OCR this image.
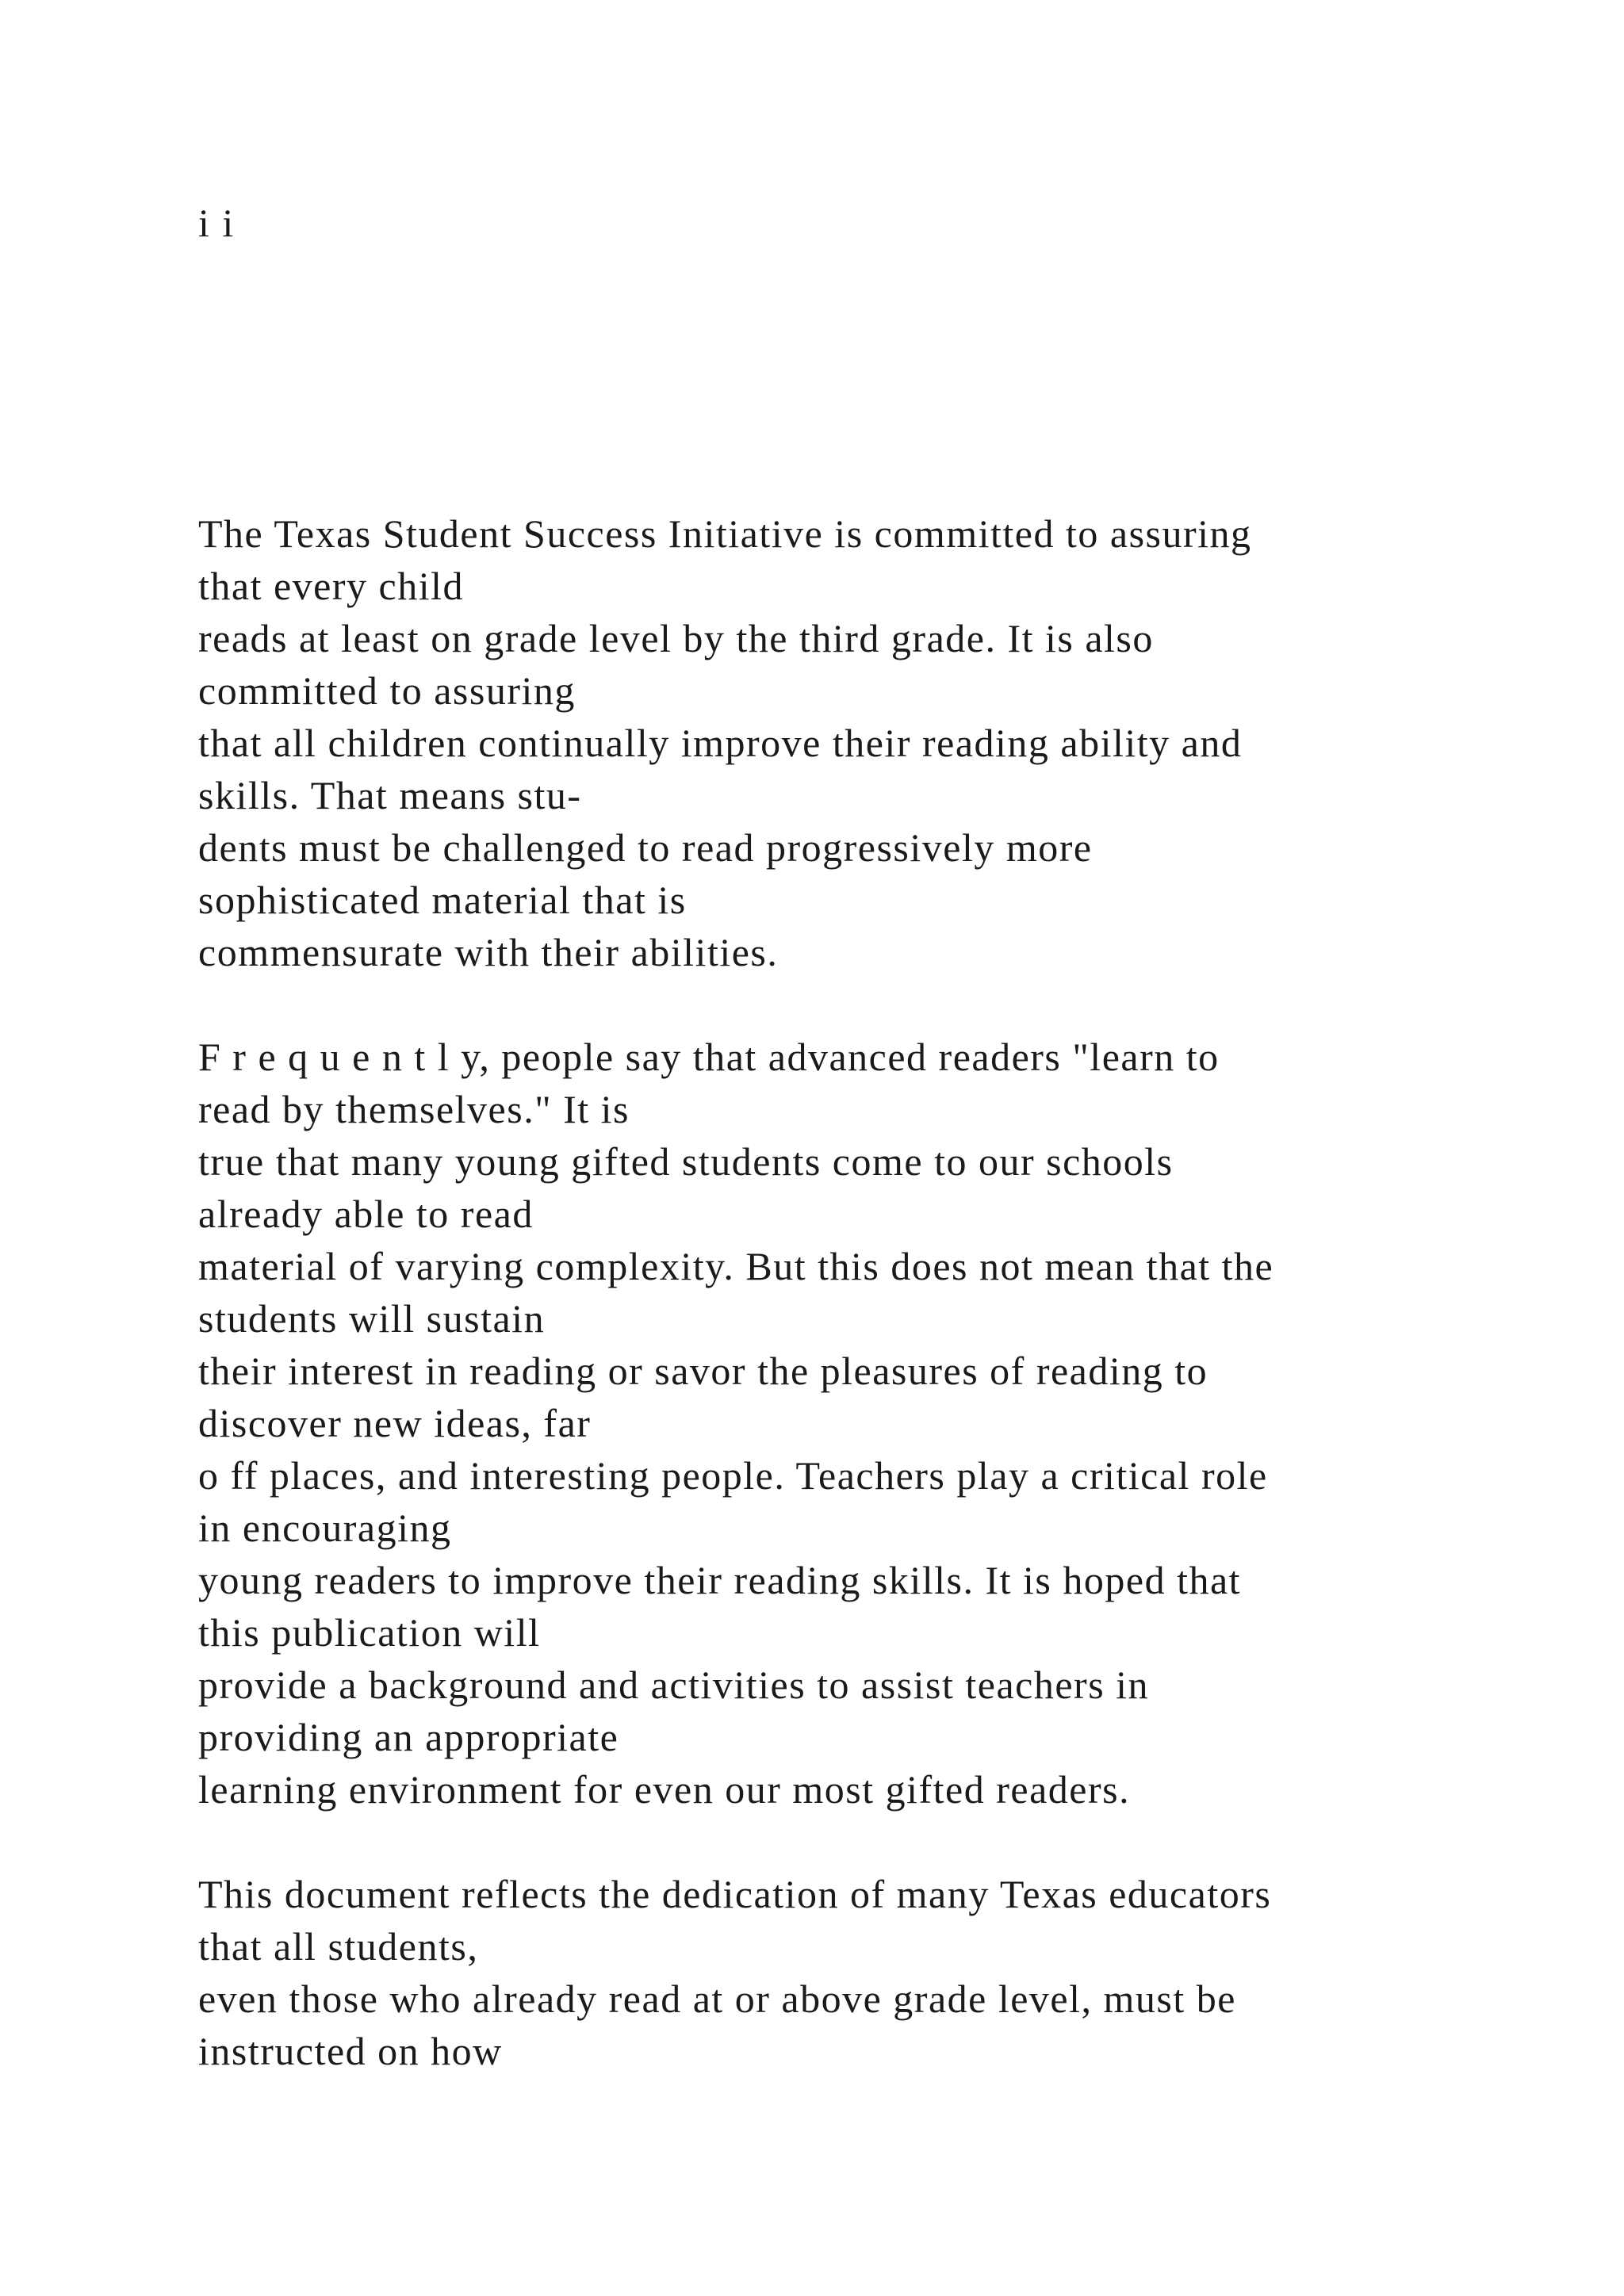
i i
The Texas Student Success Initiative is committed to assuring
that every child
reads at least on grade level by the third grade. It is also
committed to assuring
that all children continually improve their reading ability and
skills. That means stu-
dents must be challenged to read progressively more
sophisticated material that is
commensurate with their abilities.
F r e q u e n t l y, people say that advanced readers "learn to
read by themselves." It is
true that many young gifted students come to our schools
already able to read
material of varying complexity. But this does not mean that the
students will sustain
their interest in reading or savor the pleasures of reading to
discover new ideas, far
o ff places, and interesting people. Teachers play a critical role
in encouraging
young readers to improve their reading skills. It is hoped that
this publication will
provide a background and activities to assist teachers in
providing an appropriate
learning environment for even our most gifted readers.
This document reflects the dedication of many Texas educators
that all students,
even those who already read at or above grade level, must be
instructed on how
